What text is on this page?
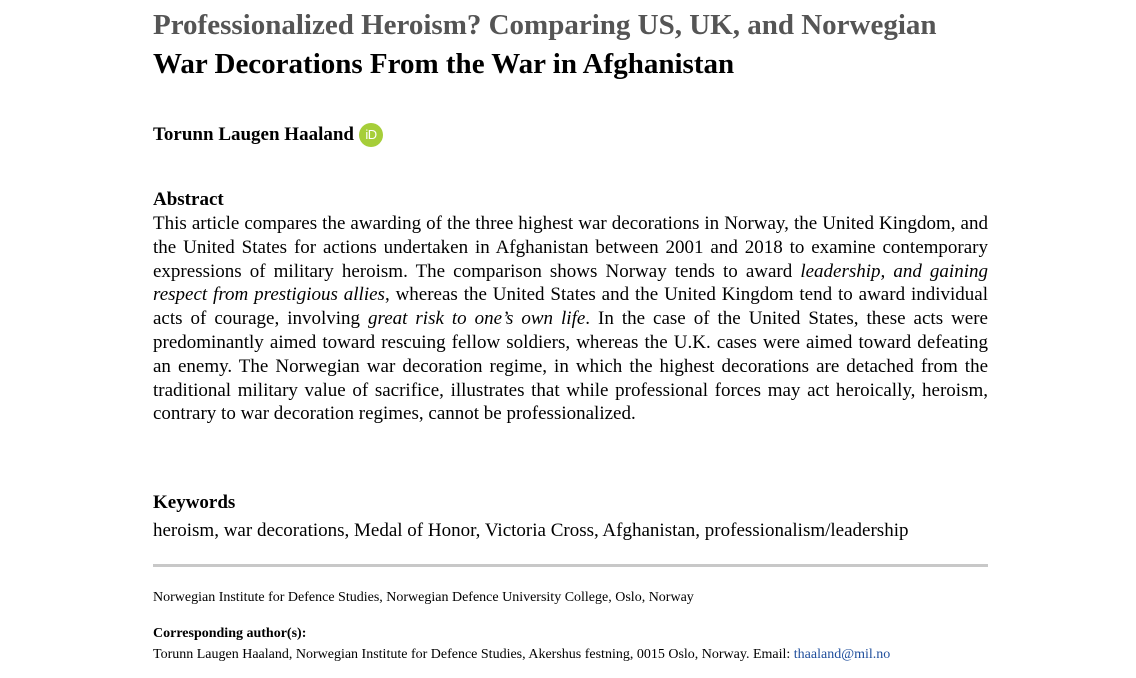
Professionalized Heroism? Comparing US, UK, and Norwegian
War Decorations From the War in Afghanistan
Torunn Laugen Haaland iD
Abstract
This article compares the awarding of the three highest war decorations in Norway, the United Kingdom, and the United States for actions undertaken in Afghanistan between 2001 and 2018 to examine contemporary expressions of military heroism. The comparison shows Norway tends to award leadership, and gaining respect from prestigious allies, whereas the United States and the United Kingdom tend to award individual acts of courage, involving great risk to one’s own life. In the case of the United States, these acts were predominantly aimed toward rescuing fellow soldiers, whereas the U.K. cases were aimed toward defeating an enemy. The Norwegian war decoration regime, in which the highest decorations are detached from the traditional military value of sacrifice, illustrates that while professional forces may act heroically, heroism, contrary to war decoration regimes, cannot be professionalized.
Keywords
heroism, war decorations, Medal of Honor, Victoria Cross, Afghanistan, professionalism/leadership
Norwegian Institute for Defence Studies, Norwegian Defence University College, Oslo, Norway
Corresponding author(s):
Torunn Laugen Haaland, Norwegian Institute for Defence Studies, Akershus festning, 0015 Oslo, Norway. Email: thaaland@mil.no
